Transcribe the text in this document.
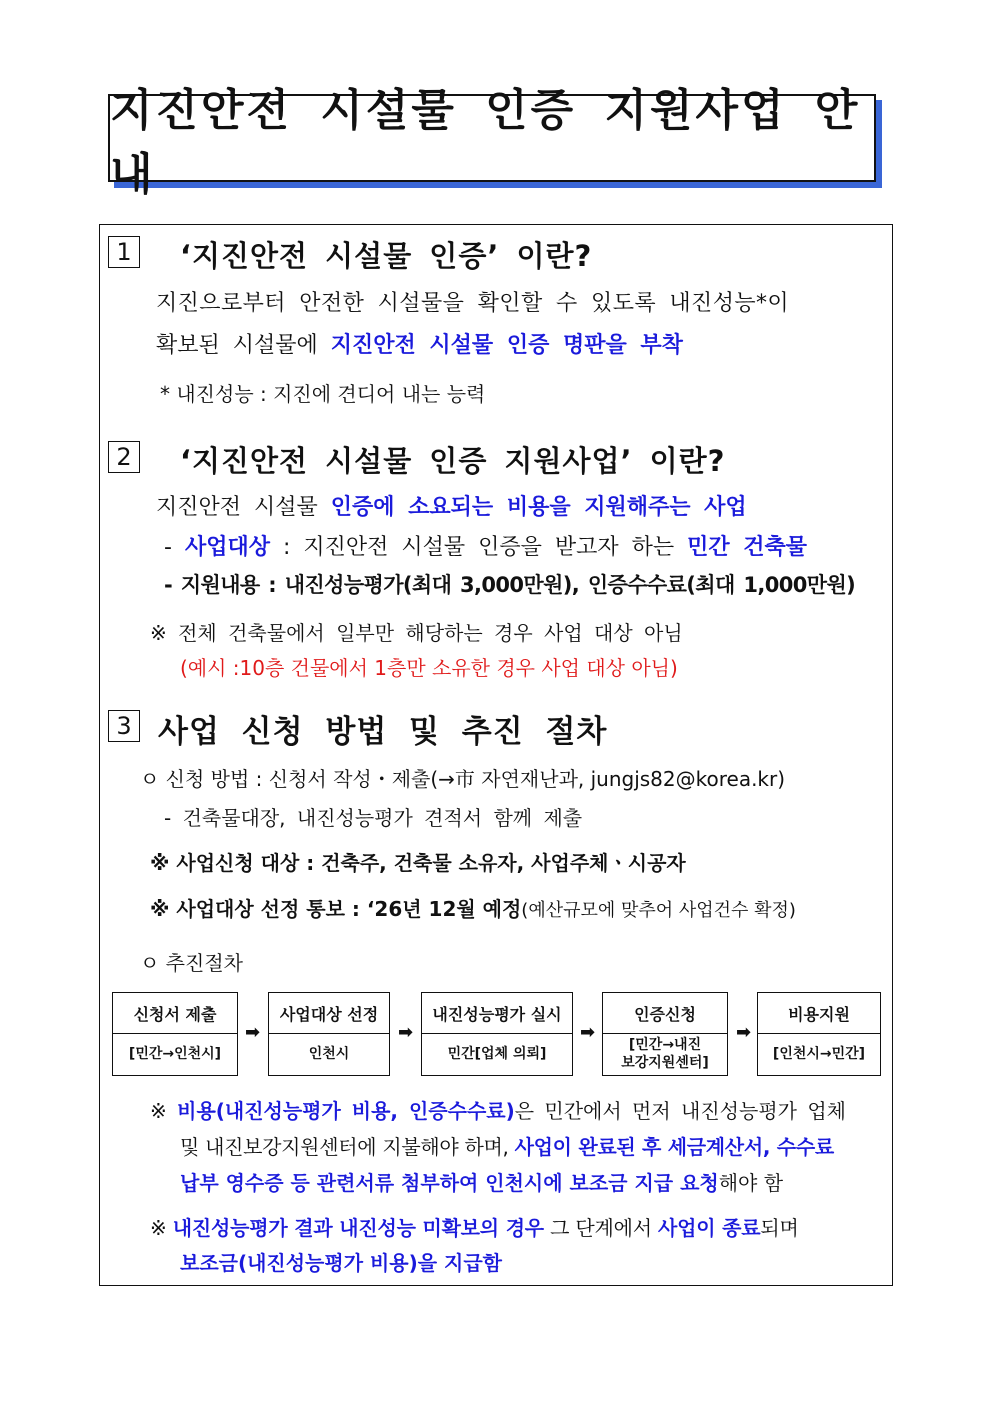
지진안전 시설물 인증 지원사업 안내
1 ‘지진안전 시설물 인증’ 이란?
지진으로부터 안전한 시설물을 확인할 수 있도록 내진성능*이
확보된 시설물에 지진안전 시설물 인증 명판을 부착
* 내진성능 : 지진에 견디어 내는 능력
2 ‘지진안전 시설물 인증 지원사업’ 이란?
지진안전 시설물 인증에 소요되는 비용을 지원해주는 사업
- 사업대상 : 지진안전 시설물 인증을 받고자 하는 민간 건축물
- 지원내용 : 내진성능평가(최대 3,000만원), 인증수수료(최대 1,000만원)
※ 전체 건축물에서 일부만 해당하는 경우 사업 대상 아님
(예시 :10층 건물에서 1층만 소유한 경우 사업 대상 아님)
3 사업 신청 방법 및 추진 절차
ㅇ 신청 방법 : 신청서 작성・제출(→市 자연재난과, jungjs82@korea.kr)
- 건축물대장, 내진성능평가 견적서 함께 제출
※ 사업신청 대상 : 건축주, 건축물 소유자, 사업주체ㆍ시공자
※ 사업대상 선정 통보 : ‘26년 12월 예정(예산규모에 맞추어 사업건수 확정)
ㅇ 추진절차
신청서 제출
[민간→인천시]
➡
사업대상 선정
인천시
➡
내진성능평가 실시
민간[업체 의뢰]
➡
인증신청
[민간→내진
보강지원센터]
➡
비용지원
[인천시→민간]
※ 비용(내진성능평가 비용, 인증수수료)은 민간에서 먼저 내진성능평가 업체
및 내진보강지원센터에 지불해야 하며, 사업이 완료된 후 세금계산서, 수수료
납부 영수증 등 관련서류 첨부하여 인천시에 보조금 지급 요청해야 함
※ 내진성능평가 결과 내진성능 미확보의 경우 그 단계에서 사업이 종료되며
보조금(내진성능평가 비용)을 지급함
